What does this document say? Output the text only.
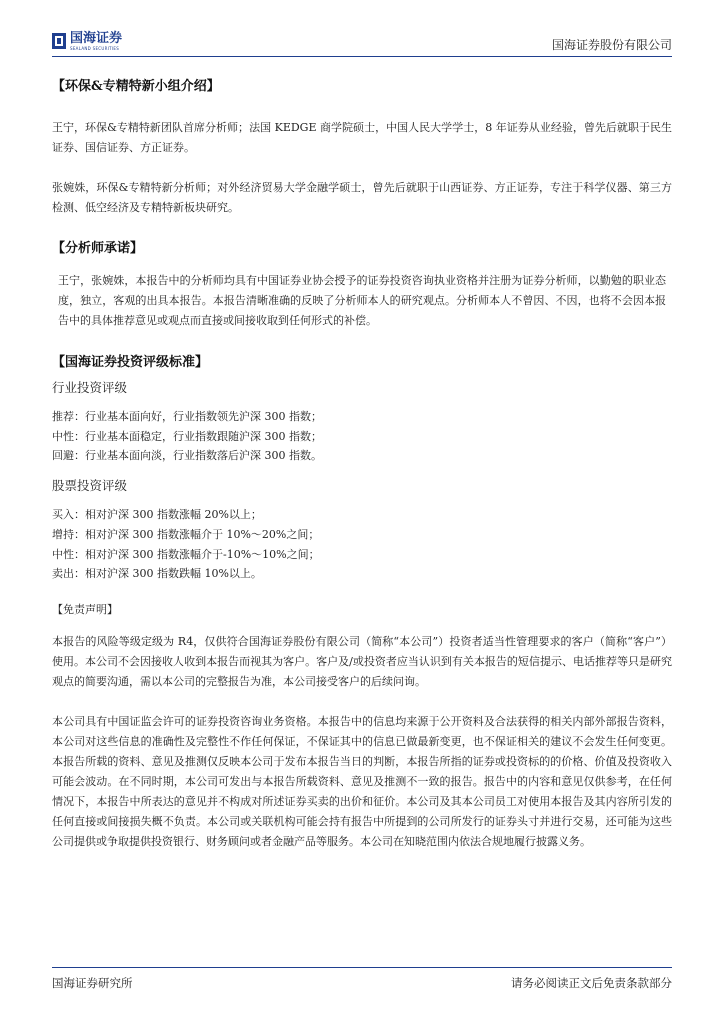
国海证券
SEALAND SECURITIES	国海证券股份有限公司

【环保&专精特新小组介绍】

王宁，环保&专精特新团队首席分析师；法国 KEDGE 商学院硕士，中国人民大学学士，8 年证券从业经验，曾先后就职于民生证券、国信证券、方正证券。

张婉姝，环保&专精特新分析师；对外经济贸易大学金融学硕士，曾先后就职于山西证券、方正证券，专注于科学仪器、第三方检测、低空经济及专精特新板块研究。

【分析师承诺】

王宁，张婉姝，本报告中的分析师均具有中国证券业协会授予的证券投资咨询执业资格并注册为证券分析师，以勤勉的职业态度，独立，客观的出具本报告。本报告清晰准确的反映了分析师本人的研究观点。分析师本人不曾因、不因，也将不会因本报告中的具体推荐意见或观点而直接或间接收取到任何形式的补偿。

【国海证券投资评级标准】

行业投资评级

推荐：行业基本面向好，行业指数领先沪深 300 指数；

中性：行业基本面稳定，行业指数跟随沪深 300 指数；

回避：行业基本面向淡，行业指数落后沪深 300 指数。

股票投资评级

买入：相对沪深 300 指数涨幅 20%以上；

增持：相对沪深 300 指数涨幅介于 10%～20%之间；

中性：相对沪深 300 指数涨幅介于-10%～10%之间；

卖出：相对沪深 300 指数跌幅 10%以上。

【免责声明】

本报告的风险等级定级为 R4，仅供符合国海证券股份有限公司（简称“本公司”）投资者适当性管理要求的客户（简称“客户”）使用。本公司不会因接收人收到本报告而视其为客户。客户及/或投资者应当认识到有关本报告的短信提示、电话推荐等只是研究观点的简要沟通，需以本公司的完整报告为准，本公司接受客户的后续问询。

本公司具有中国证监会许可的证券投资咨询业务资格。本报告中的信息均来源于公开资料及合法获得的相关内部外部报告资料，本公司对这些信息的准确性及完整性不作任何保证，不保证其中的信息已做最新变更，也不保证相关的建议不会发生任何变更。本报告所载的资料、意见及推测仅反映本公司于发布本报告当日的判断，本报告所指的证券或投资标的的价格、价值及投资收入可能会波动。在不同时期，本公司可发出与本报告所载资料、意见及推测不一致的报告。报告中的内容和意见仅供参考，在任何情况下，本报告中所表达的意见并不构成对所述证券买卖的出价和征价。本公司及其本公司员工对使用本报告及其内容所引发的任何直接或间接损失概不负责。本公司或关联机构可能会持有报告中所提到的公司所发行的证券头寸并进行交易，还可能为这些公司提供或争取提供投资银行、财务顾问或者金融产品等服务。本公司在知晓范围内依法合规地履行披露义务。

国海证券研究所	请务必阅读正文后免责条款部分
